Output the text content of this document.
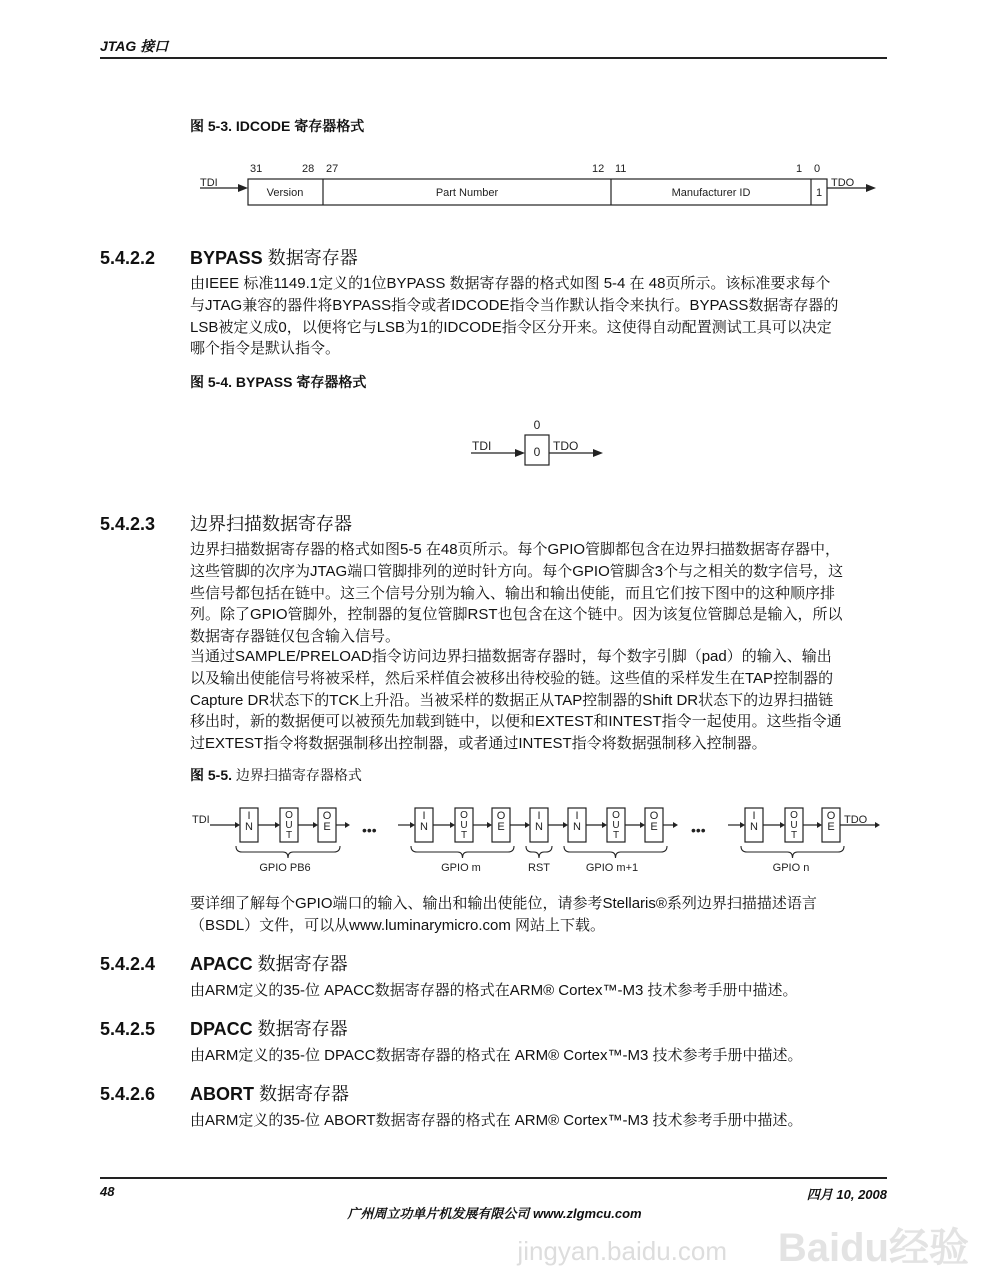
JTAG 接口
图 5-3. IDCODE 寄存器格式
TDI	TDO
31	28 27	12 11	1 0
Version	Part Number	Manufacturer ID	1
5.4.2.2 BYPASS 数据寄存器
由IEEE 标准1149.1定义的1位BYPASS 数据寄存器的格式如图 5-4 在 48页所示。该标准要求每个
与JTAG兼容的器件将BYPASS指令或者IDCODE指令当作默认指令来执行。BYPASS数据寄存器的
LSB被定义成0，以便将它与LSB为1的IDCODE指令区分开来。这使得自动配置测试工具可以决定
哪个指令是默认指令。
图 5-4. BYPASS 寄存器格式
TDI	TDO
0
0
5.4.2.3 边界扫描数据寄存器
边界扫描数据寄存器的格式如图5-5 在48页所示。每个GPIO管脚都包含在边界扫描数据寄存器中，
这些管脚的次序为JTAG端口管脚排列的逆时针方向。每个GPIO管脚含3个与之相关的数字信号，这
些信号都包括在链中。这三个信号分别为输入、输出和输出使能，而且它们按下图中的这种顺序排
列。除了GPIO管脚外，控制器的复位管脚RST也包含在这个链中。因为该复位管脚总是输入，所以
数据寄存器链仅包含输入信号。
当通过SAMPLE/PRELOAD指令访问边界扫描数据寄存器时，每个数字引脚（pad）的输入、输出
以及输出使能信号将被采样，然后采样值会被移出待校验的链。这些值的采样发生在TAP控制器的
Capture DR状态下的TCK上升沿。当被采样的数据正从TAP控制器的Shift DR状态下的边界扫描链
移出时，新的数据便可以被预先加载到链中，以便和EXTEST和INTEST指令一起使用。这些指令通
过EXTEST指令将数据强制移出控制器，或者通过INTEST指令将数据强制移入控制器。
图 5-5. 边界扫描寄存器格式
TDI	TDO
•••	•••
GPIO PB6	GPIO m	RST	GPIO m+1	GPIO n
IN	OUT OE	IN	OUT OE IN IN	OUT OE	IN	OUT OE
要详细了解每个GPIO端口的输入、输出和输出使能位，请参考Stellaris®系列边界扫描描述语言
（BSDL）文件，可以从www.luminarymicro.com 网站上下载。
5.4.2.4 APACC 数据寄存器
由ARM定义的35-位 APACC数据寄存器的格式在ARM® Cortex™-M3 技术参考手册中描述。
5.4.2.5 DPACC 数据寄存器
由ARM定义的35-位 DPACC数据寄存器的格式在 ARM® Cortex™-M3 技术参考手册中描述。
5.4.2.6 ABORT 数据寄存器
由ARM定义的35-位 ABORT数据寄存器的格式在 ARM® Cortex™-M3 技术参考手册中描述。
48	四月 10, 2008
广州周立功单片机发展有限公司 www.zlgmcu.com
Baidu经验
jingyan.baidu.com
